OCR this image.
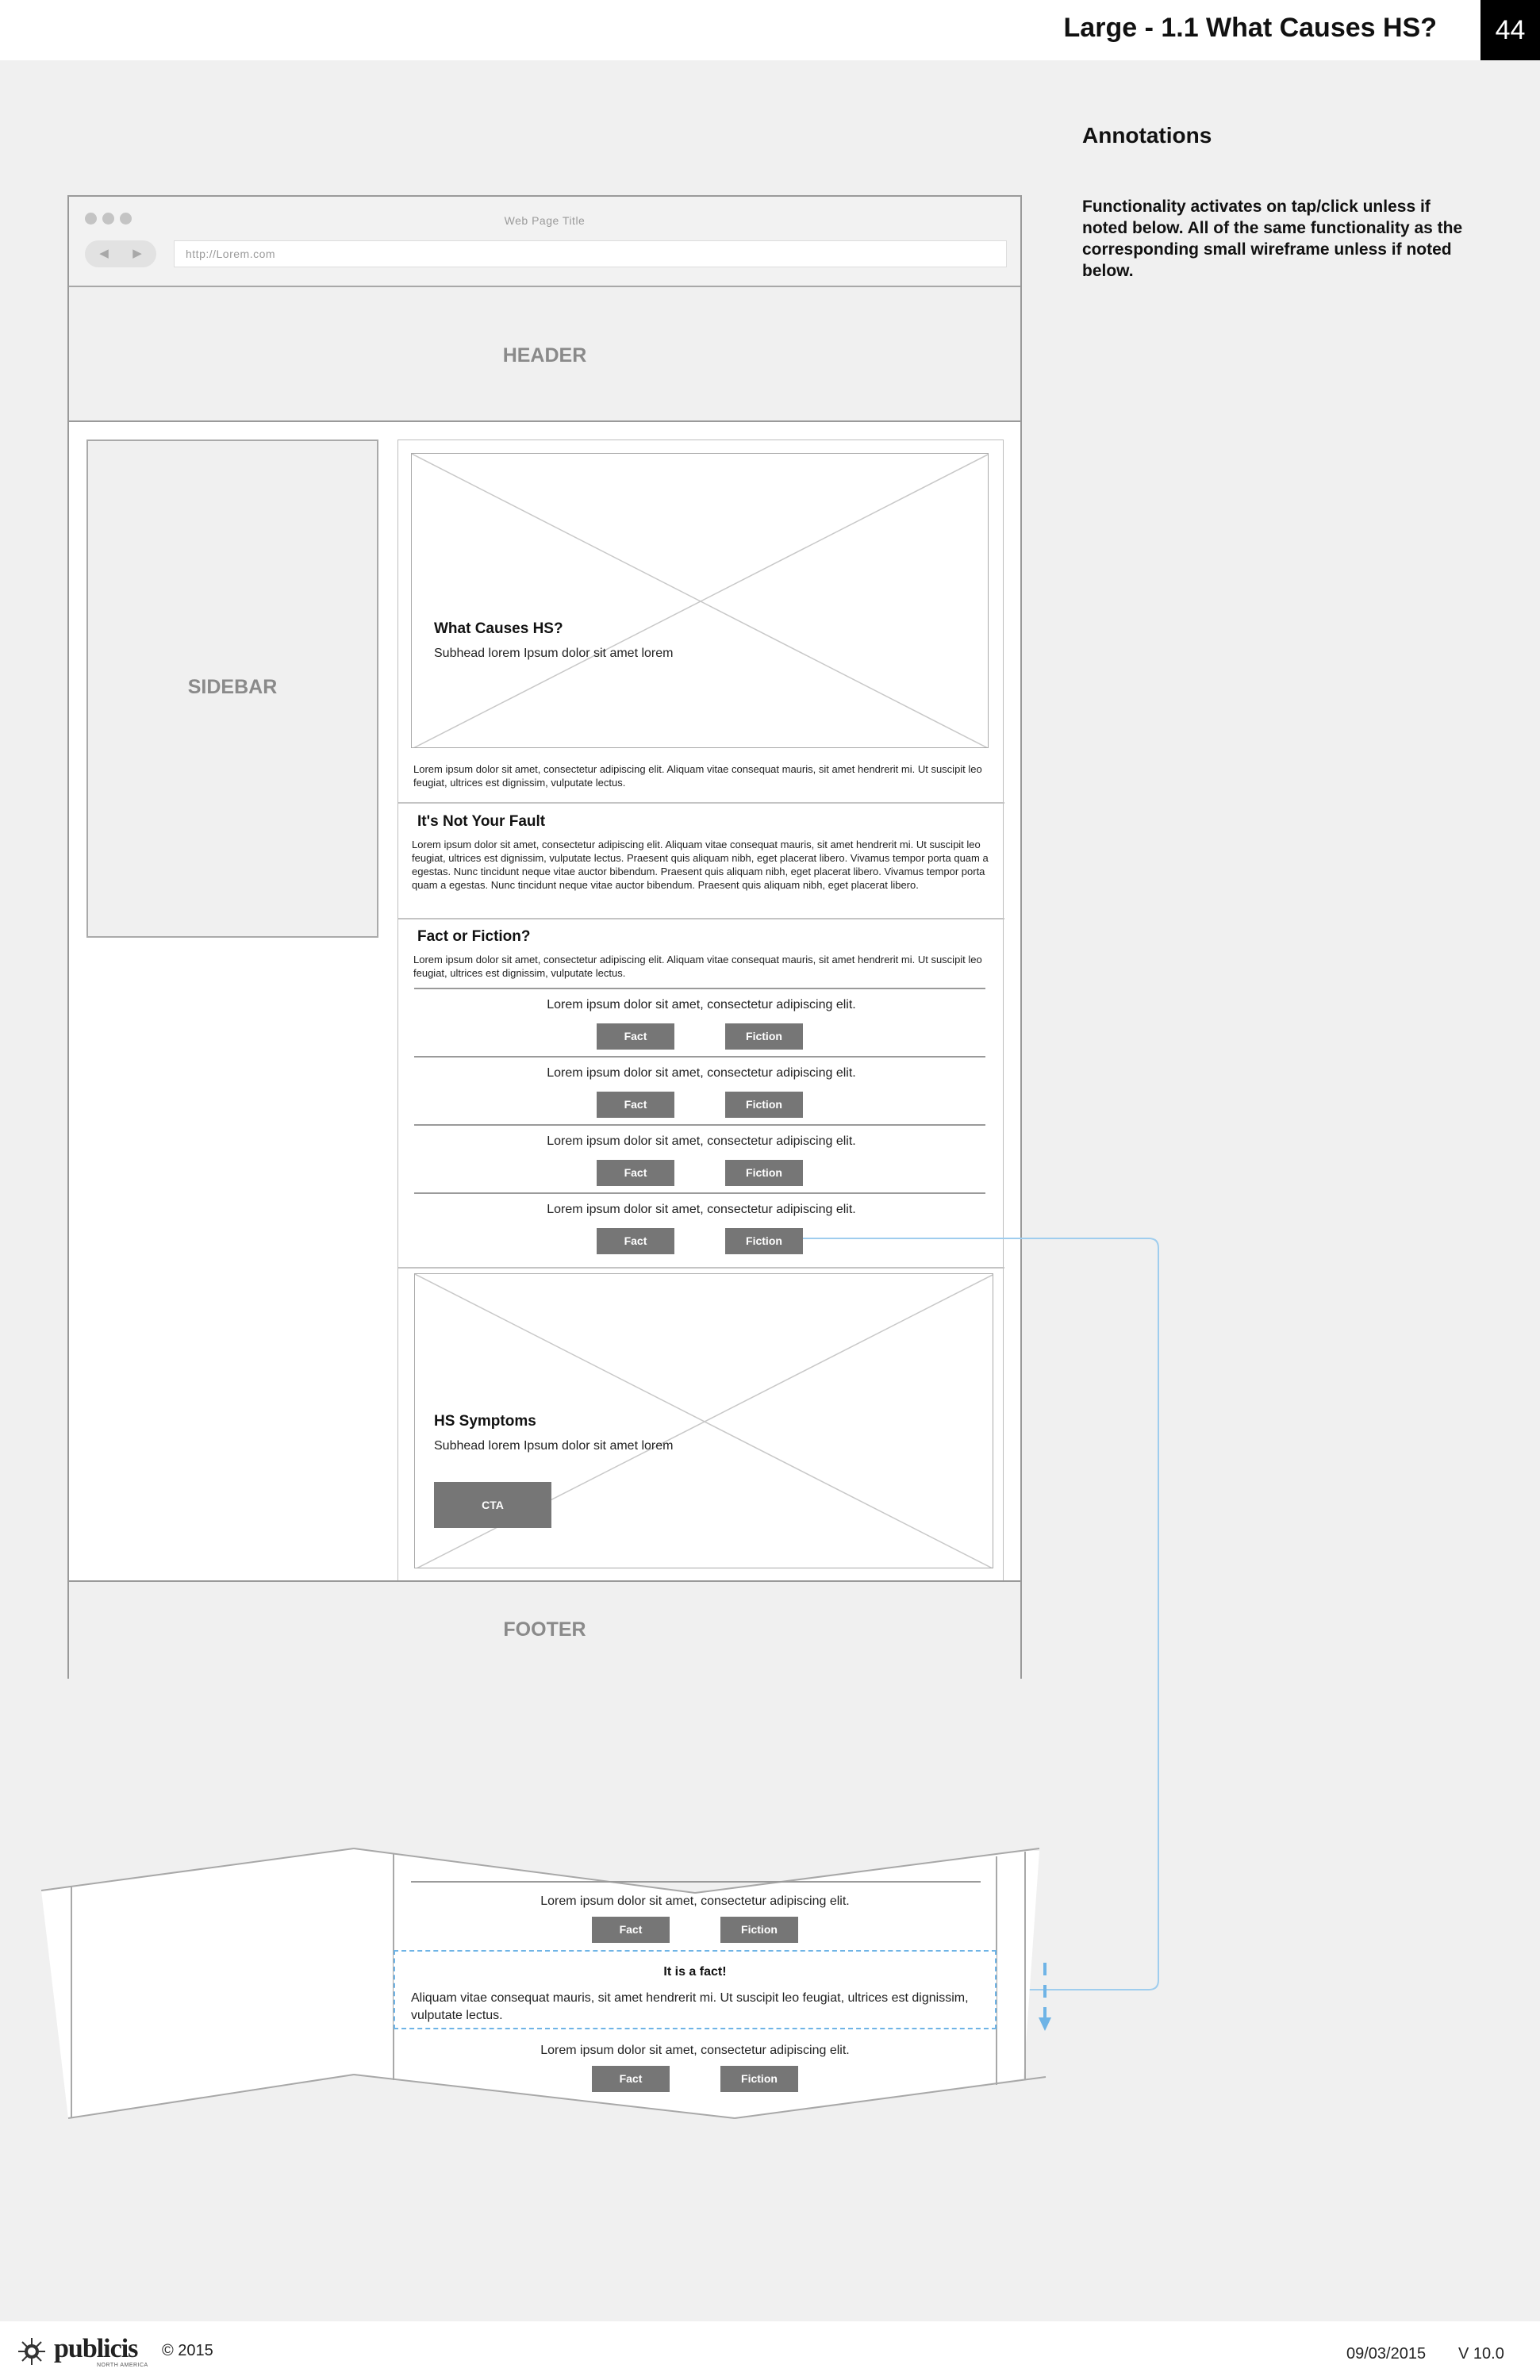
Large - 1.1 What Causes HS?	44
Annotations
Functionality activates on tap/click unless if noted below. All of the same functionality as the corresponding small wireframe unless if noted below.
Web Page Title
◀	▶	http://Lorem.com
HEADER
SIDEBAR
What Causes HS?
Subhead lorem Ipsum dolor sit amet lorem
Lorem ipsum dolor sit amet, consectetur adipiscing elit. Aliquam vitae consequat mauris, sit amet hendrerit mi. Ut suscipit leo feugiat, ultrices est dignissim, vulputate lectus.
It's Not Your Fault
Lorem ipsum dolor sit amet, consectetur adipiscing elit. Aliquam vitae consequat mauris, sit amet hendrerit mi. Ut suscipit leo feugiat, ultrices est dignissim, vulputate lectus. Praesent quis aliquam nibh, eget placerat libero. Vivamus tempor porta quam a egestas. Nunc tincidunt neque vitae auctor bibendum. Praesent quis aliquam nibh, eget placerat libero. Vivamus tempor porta quam a egestas. Nunc tincidunt neque vitae auctor bibendum. Praesent quis aliquam nibh, eget placerat libero.
Fact or Fiction?
Lorem ipsum dolor sit amet, consectetur adipiscing elit. Aliquam vitae consequat mauris, sit amet hendrerit mi. Ut suscipit leo feugiat, ultrices est dignissim, vulputate lectus.
Lorem ipsum dolor sit amet, consectetur adipiscing elit.
Fact	Fiction
Lorem ipsum dolor sit amet, consectetur adipiscing elit.
Fact	Fiction
Lorem ipsum dolor sit amet, consectetur adipiscing elit.
Fact	Fiction
Lorem ipsum dolor sit amet, consectetur adipiscing elit.
Fact	Fiction
HS Symptoms
Subhead lorem Ipsum dolor sit amet lorem
CTA
FOOTER
Lorem ipsum dolor sit amet, consectetur adipiscing elit.
Fact	Fiction
It is a fact!
Aliquam vitae consequat mauris, sit amet hendrerit mi. Ut suscipit leo feugiat, ultrices est dignissim, vulputate lectus.
Lorem ipsum dolor sit amet, consectetur adipiscing elit.
Fact	Fiction
publicis
NORTH AMERICA
© 2015	09/03/2015 V 10.0
